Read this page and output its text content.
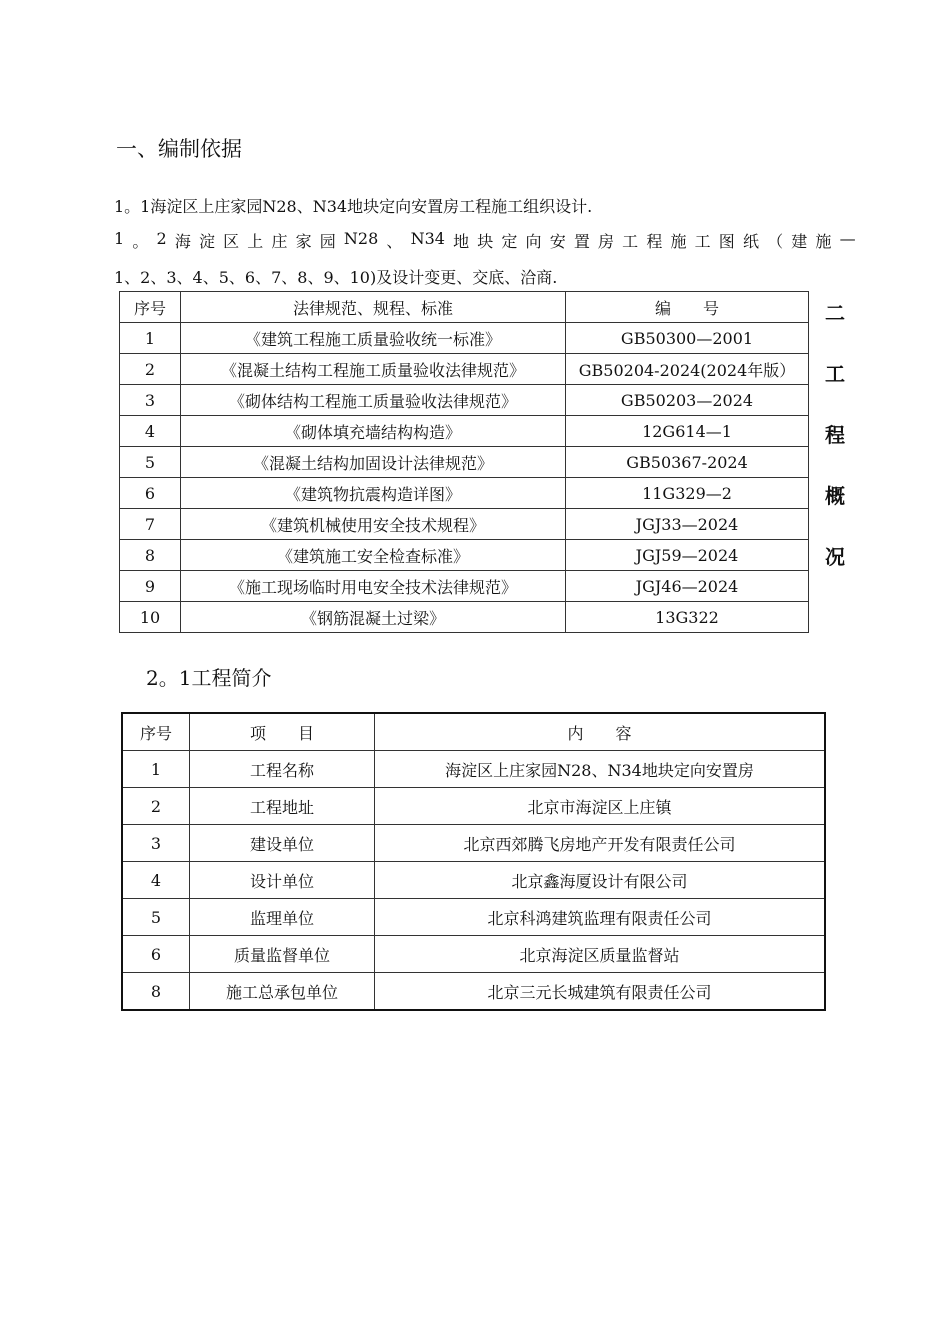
一、编制依据
1。1海淀区上庄家园N28、N34地块定向安置房工程施工组织设计.
1 。 2 海 淀 区 上 庄 家 园 N28 、 N34 地 块 定 向 安 置 房 工 程 施 工 图 纸 （ 建 施 —
1、2、3、4、5、6、7、8、9、10)及设计变更、交底、洽商.
序号	法律规范、规程、标准	编　　号
1	《建筑工程施工质量验收统一标准》	GB50300—2001
2	《混凝土结构工程施工质量验收法律规范》	GB50204-2024(2024年版）
3	《砌体结构工程施工质量验收法律规范》	GB50203—2024
4	《砌体填充墙结构构造》	12G614—1
5	《混凝土结构加固设计法律规范》	GB50367-2024
6	《建筑物抗震构造详图》	11G329—2
7	《建筑机械使用安全技术规程》	JGJ33—2024
8	《建筑施工安全检查标准》	JGJ59—2024
9	《施工现场临时用电安全技术法律规范》	JGJ46—2024
10	《钢筋混凝土过梁》	13G322
二
工
程
概
况
2。1工程简介
序号	项　　目	内　　容
1	工程名称	海淀区上庄家园N28、N34地块定向安置房
2	工程地址	北京市海淀区上庄镇
3	建设单位	北京西郊腾飞房地产开发有限责任公司
4	设计单位	北京鑫海厦设计有限公司
5	监理单位	北京科鸿建筑监理有限责任公司
6	质量监督单位	北京海淀区质量监督站
8	施工总承包单位	北京三元长城建筑有限责任公司
